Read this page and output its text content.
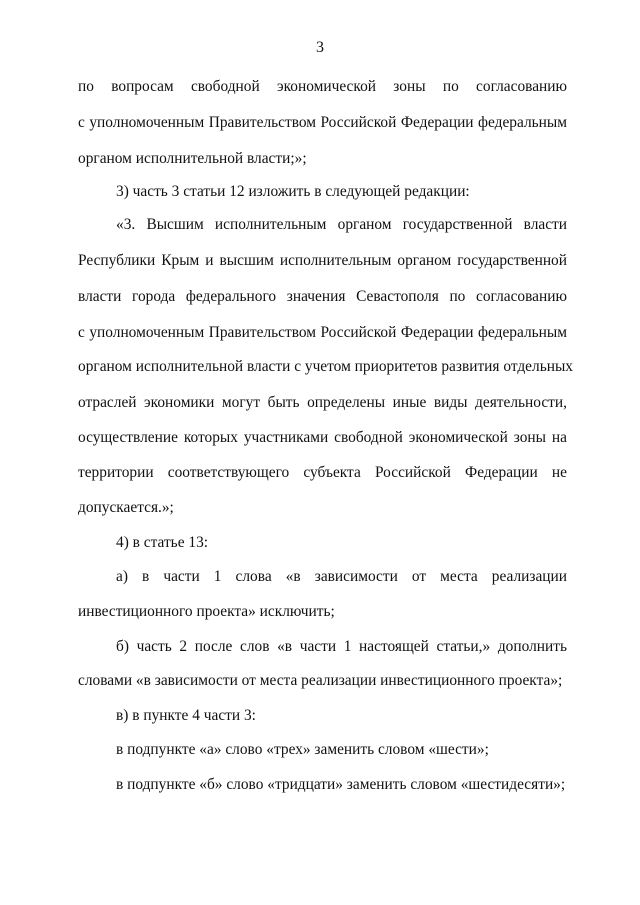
3
по вопросам свободной экономической зоны по согласованию
с уполномоченным Правительством Российской Федерации федеральным
органом исполнительной власти;»;
3) часть 3 статьи 12 изложить в следующей редакции:
«3. Высшим исполнительным органом государственной власти
Республики Крым и высшим исполнительным органом государственной
власти города федерального значения Севастополя по согласованию
с уполномоченным Правительством Российской Федерации федеральным
органом исполнительной власти с учетом приоритетов развития отдельных
отраслей экономики могут быть определены иные виды деятельности,
осуществление которых участниками свободной экономической зоны на
территории соответствующего субъекта Российской Федерации не
допускается.»;
4) в статье 13:
а) в части 1 слова «в зависимости от места реализации
инвестиционного проекта» исключить;
б) часть 2 после слов «в части 1 настоящей статьи,» дополнить
словами «в зависимости от места реализации инвестиционного проекта»;
в) в пункте 4 части 3:
в подпункте «а» слово «трех» заменить словом «шести»;
в подпункте «б» слово «тридцати» заменить словом «шестидесяти»;
